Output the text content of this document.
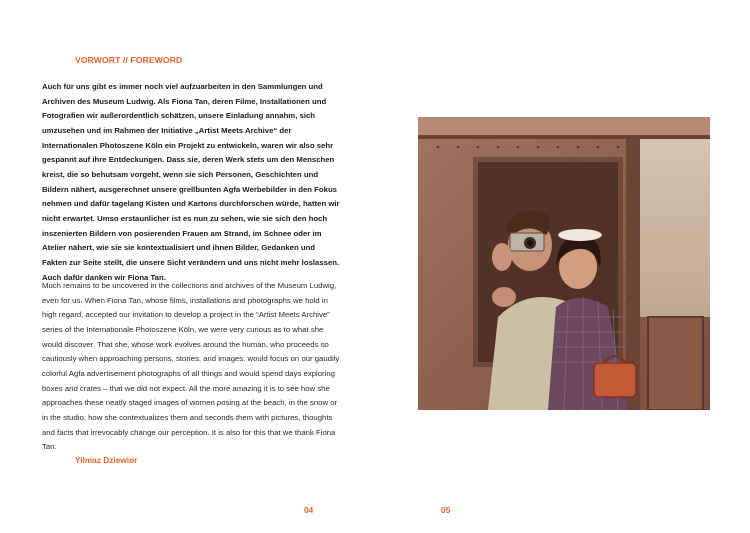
VORWORT // FOREWORD

Auch für uns gibt es immer noch viel aufzuarbeiten in den Sammlungen und Archiven des Museum Ludwig. Als Fiona Tan, deren Filme, Installationen und Fotografien wir außerordentlich schätzen, unsere Einladung annahm, sich umzusehen und im Rahmen der Initiative „Artist Meets Archive“ der Internationalen Photoszene Köln ein Projekt zu entwickeln, waren wir also sehr gespannt auf ihre Entdeckungen. Dass sie, deren Werk stets um den Menschen kreist, die so behutsam vorgeht, wenn sie sich Personen, Geschichten und Bildern nähert, ausgerechnet unsere grellbunten Agfa Werbebilder in den Fokus nehmen und dafür tagelang Kisten und Kartons durchforschen würde, hatten wir nicht erwartet. Umso erstaunlicher ist es nun zu sehen, wie sie sich den hoch inszenierten Bildern von posierenden Frauen am Strand, im Schnee oder im Atelier nähert, wie sie sie kontextualisiert und ihnen Bilder, Gedanken und Fakten zur Seite stellt, die unsere Sicht verändern und uns nicht mehr loslassen. Auch dafür danken wir Fiona Tan.

Much remains to be uncovered in the collections and archives of the Museum Ludwig, even for us. When Fiona Tan, whose films, installations and photographs we hold in high regard, accepted our invitation to develop a project in the “Artist Meets Archive” series of the Internationale Photoszene Köln, we were very curious as to what she would discover. That she, whose work evolves around the human, who proceeds so cautiously when approaching persons, stories, and images, would focus on our gaudily colorful Agfa advertisement photographs of all things and would spend days exploring boxes and crates – that we did not expect. All the more amazing it is to see how she approaches these neatly staged images of women posing at the beach, in the snow or in the studio, how she contextualizes them and seconds them with pictures, thoughts and facts that irrevocably change our perception. It is also for this that we thank Fiona Tan.

Yilmaz Dziewior
04	05
